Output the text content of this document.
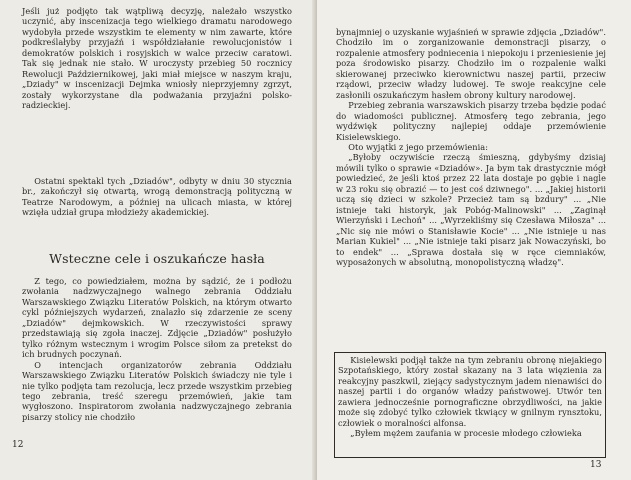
Jeśli już podjęto tak wątpliwą decyzję, należało wszystko uczynić, aby inscenizacja tego wielkiego dramatu narodowego wydobyła przede wszystkim te elementy w nim zawarte, które podkreślałyby przyjaźń i współdziałanie rewolucjonistów i demokratów polskich i rosyjskich w walce przeciw caratowi. Tak się jednak nie stało. W uroczysty przebieg 50 rocznicy Rewolucji Październikowej, jaki miał miejsce w naszym kraju, „Dziady" w inscenizacji Dejmka wniosły nieprzyjemny zgrzyt, zostały wykorzystane dla podważania przyjaźni polsko-radzieckiej.

Ostatni spektakl tych „Dziadów", odbyty w dniu 30 stycznia br., zakończył się otwartą, wrogą demonstracją polityczną w Teatrze Narodowym, a później na ulicach miasta, w której wzięła udział grupa młodzieży akademickiej.

Wsteczne cele i oszukańcze hasła

Z tego, co powiedziałem, można by sądzić, że i podłożu zwołania nadzwyczajnego walnego zebrania Oddziału Warszawskiego Związku Literatów Polskich, na którym otwarto cykl późniejszych wydarzeń, znalazło się zdarzenie ze sceny „Dziadów" dejmkowskich. W rzeczywistości sprawy przedstawiają się zgoła inaczej. Zdjęcie „Dziadów" posłużyło tylko różnym wstecznym i wrogim Polsce siłom za pretekst do ich brudnych poczynań.

O intencjach organizatorów zebrania Oddziału Warszawskiego Związku Literatów Polskich świadczy nie tyle i nie tylko podjęta tam rezolucja, lecz przede wszystkim przebieg tego zebrania, treść szeregu przemówień, jakie tam wygłoszono. Inspiratorom zwołania nadzwyczajnego zebrania pisarzy stolicy nie chodziło

12
13

bynajmniej o uzyskanie wyjaśnień w sprawie zdjęcia „Dziadów". Chodziło im o zorganizowanie demonstracji pisarzy, o rozpalenie atmosfery podniecenia i niepokoju i przeniesienie jej poza środowisko pisarzy. Chodziło im o rozpalenie walki skierowanej przeciwko kierownictwu naszej partii, przeciw rządowi, przeciw władzy ludowej. Te swoje reakcyjne cele zasłonili oszukańczym hasłem obrony kultury narodowej.

Przebieg zebrania warszawskich pisarzy trzeba będzie podać do wiadomości publicznej. Atmosferę tego zebrania, jego wydźwięk polityczny najlepiej oddaje przemówienie Kisielewskiego.

Oto wyjątki z jego przemówienia:

„Byłoby oczywiście rzeczą śmieszną, gdybyśmy dzisiaj mówili tylko o sprawie «Dziadów». Ja bym tak drastycznie mógł powiedzieć, że jeśli ktoś przez 22 lata dostaje po gębie i nagle w 23 roku się obrazić — to jest coś dziwnego". ... „Jakiej historii uczą się dzieci w szkole? Przecież tam są bzdury" ... „Nie istnieje taki historyk, jak Pobóg-Malinowski" ... „Zaginął Wierzyński i Lechoń" ... „Wyrzekliśmy się Czesława Miłosza" ... „Nic się nie mówi o Stanisławie Kocie" ... „Nie istnieje u nas Marian Kukiel" ... „Nie istnieje taki pisarz jak Nowaczyński, bo to endek" ... „Sprawa dostała się w ręce ciemniaków, wyposażonych w absolutną, monopolistyczną władzę".

Kisielewski podjął także na tym zebraniu obronę niejakiego Szpotańskiego, który został skazany na 3 lata więzienia za reakcyjny paszkwil, ziejący sadystycznym jadem nienawiści do naszej partii i do organów władzy państwowej. Utwór ten zawiera jednocześnie pornograficzne obrzydliwości, na jakie może się zdobyć tylko człowiek tkwiący w gnilnym rynsztoku, człowiek o moralności alfonsa.

„Byłem mężem zaufania w procesie młodego człowieka
